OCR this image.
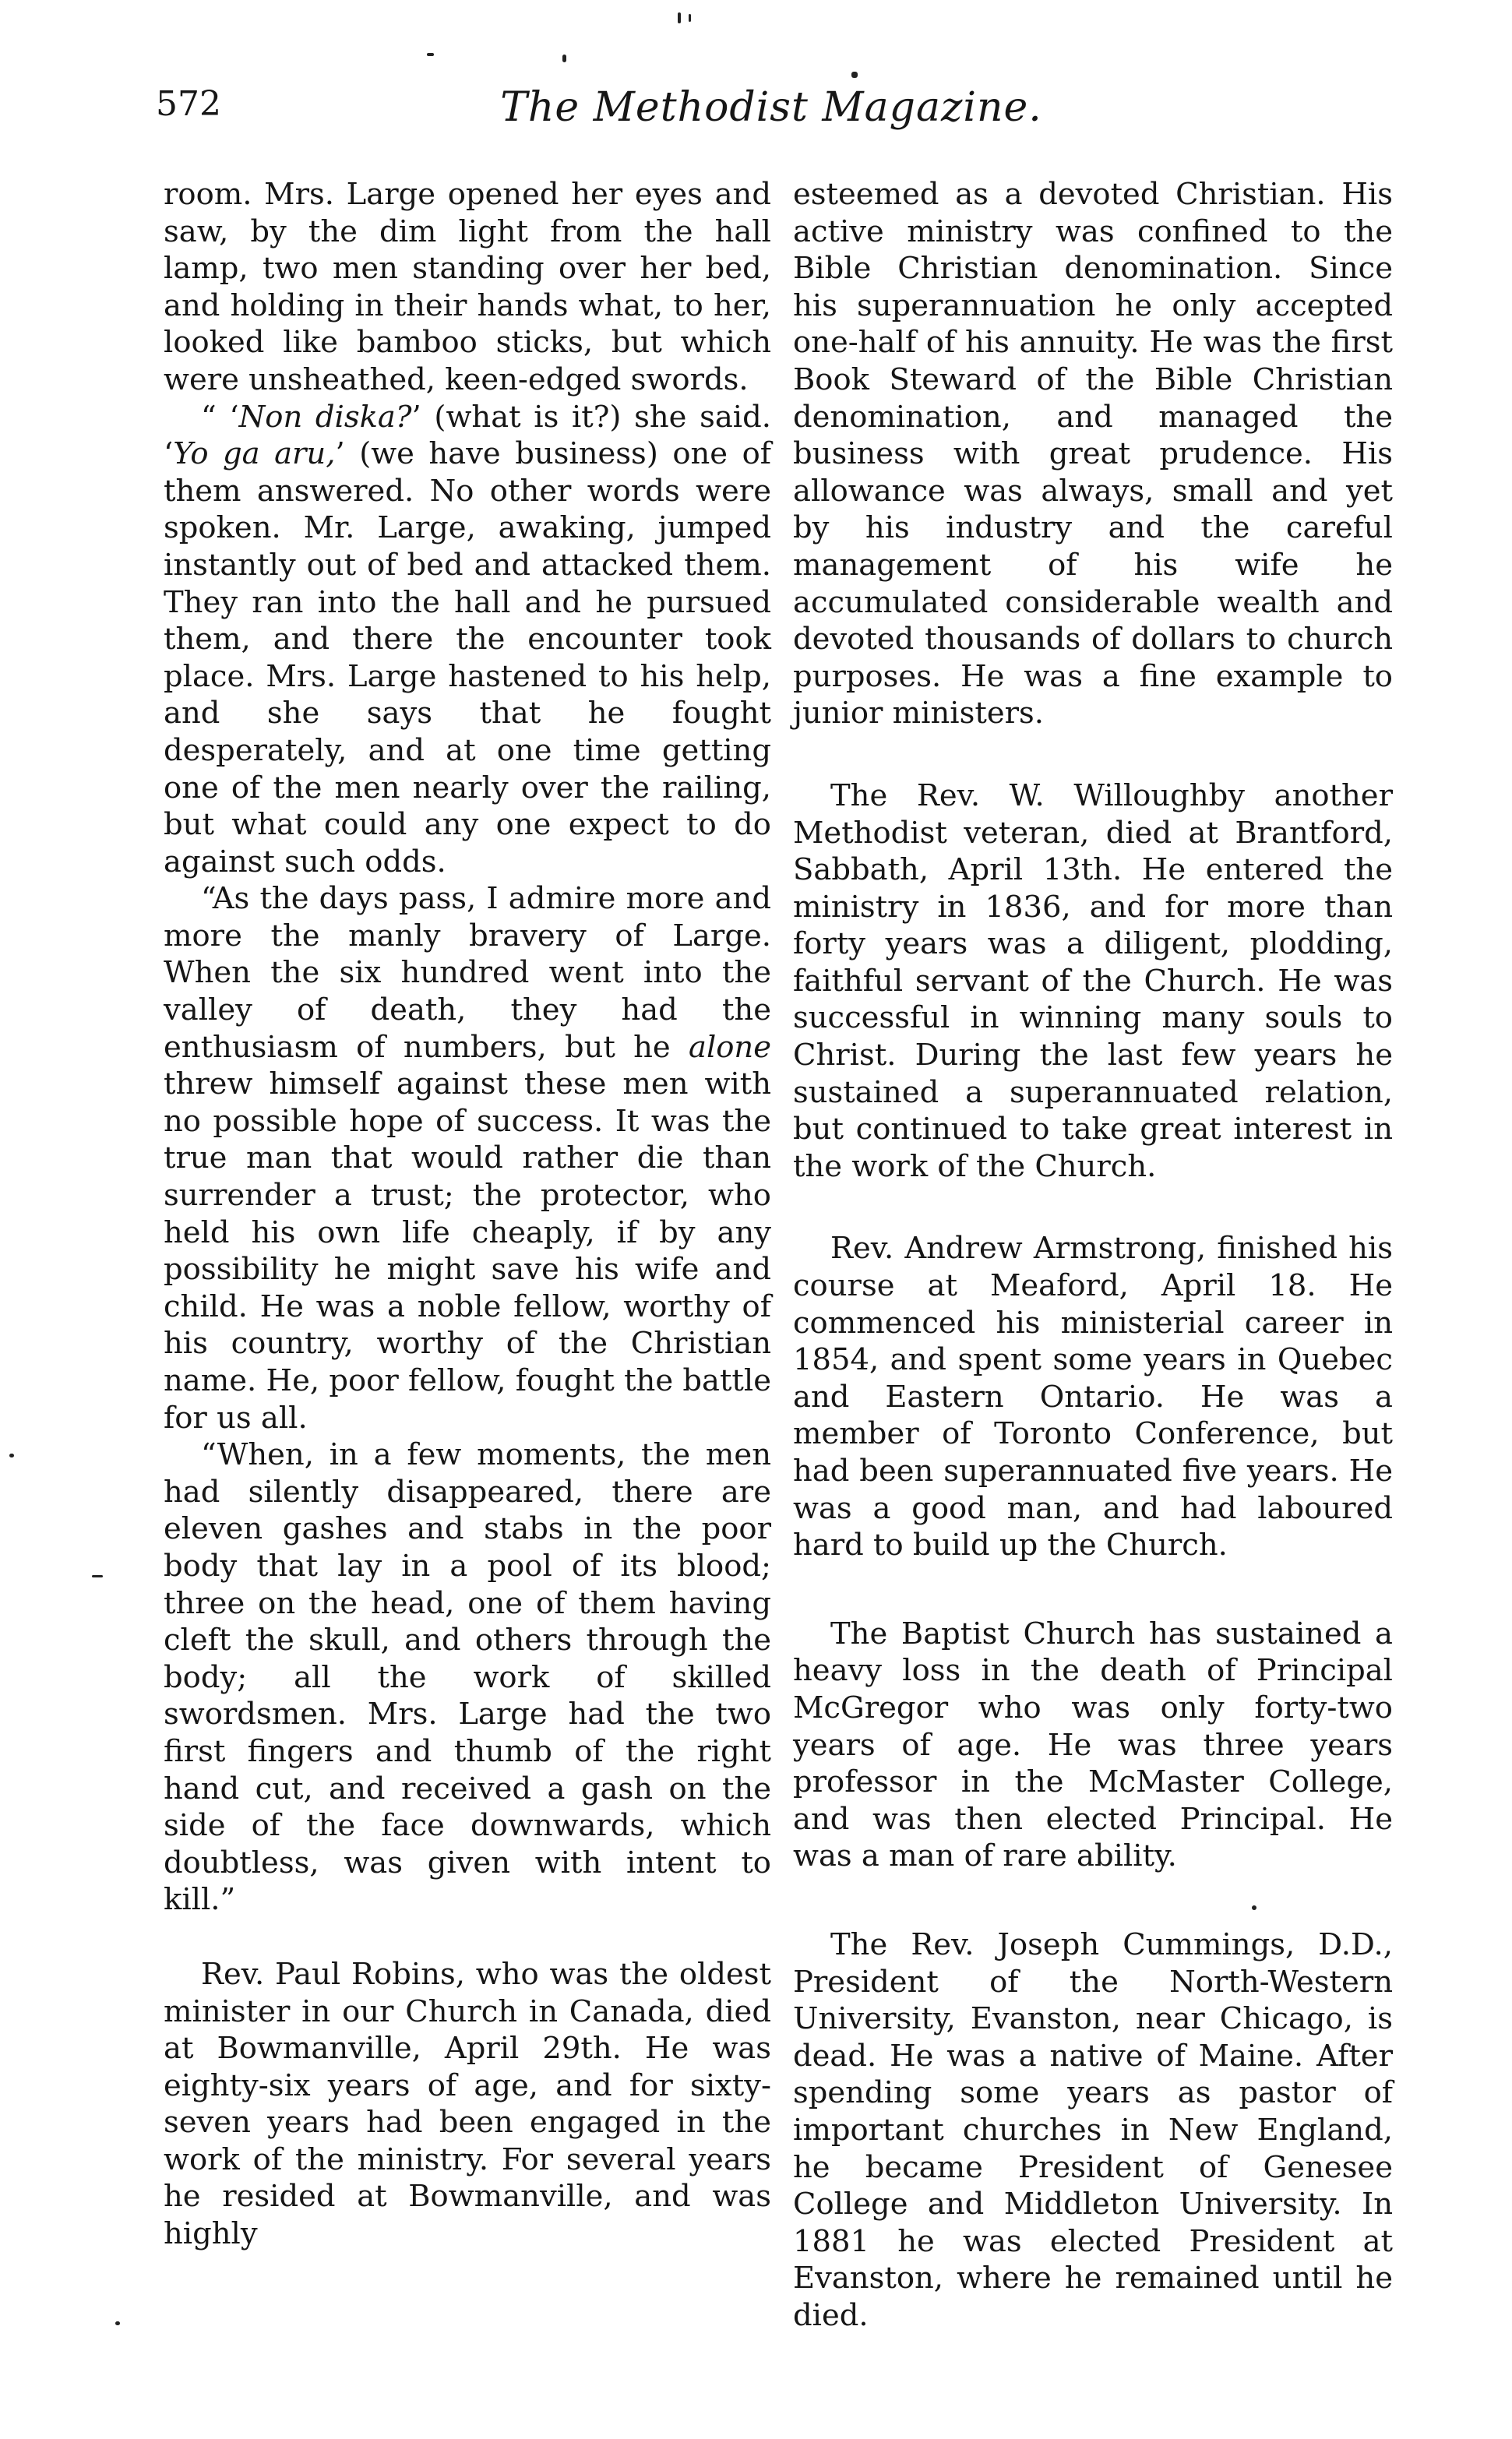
572	The Methodist Magazine.

room. Mrs. Large opened her eyes and saw, by the dim light from the hall lamp, two men standing over her bed, and holding in their hands what, to her, looked like bamboo sticks, but which were unsheathed, keen-edged swords.

“ ‘Non diska?’ (what is it?) she said. ‘Yo ga aru,’ (we have business) one of them answered. No other words were spoken. Mr. Large, awaking, jumped instantly out of bed and attacked them. They ran into the hall and he pursued them, and there the encounter took place. Mrs. Large hastened to his help, and she says that he fought desperately, and at one time getting one of the men nearly over the railing, but what could any one expect to do against such odds.

“As the days pass, I admire more and more the manly bravery of Large. When the six hundred went into the valley of death, they had the enthusiasm of numbers, but he alone threw himself against these men with no possible hope of success. It was the true man that would rather die than surrender a trust; the protector, who held his own life cheaply, if by any possibility he might save his wife and child. He was a noble fellow, worthy of his country, worthy of the Christian name. He, poor fellow, fought the battle for us all.

“When, in a few moments, the men had silently disappeared, there are eleven gashes and stabs in the poor body that lay in a pool of its blood; three on the head, one of them having cleft the skull, and others through the body; all the work of skilled swordsmen. Mrs. Large had the two first fingers and thumb of the right hand cut, and received a gash on the side of the face downwards, which doubtless, was given with intent to kill.”

Rev. Paul Robins, who was the oldest minister in our Church in Canada, died at Bowmanville, April 29th. He was eighty-six years of age, and for sixty-seven years had been engaged in the work of the ministry. For several years he resided at Bowmanville, and was highly

esteemed as a devoted Christian. His active ministry was confined to the Bible Christian denomination. Since his superannuation he only accepted one-half of his annuity. He was the first Book Steward of the Bible Christian denomination, and managed the business with great prudence. His allowance was always, small and yet by his industry and the careful management of his wife he accumulated considerable wealth and devoted thousands of dollars to church purposes. He was a fine example to junior ministers.

The Rev. W. Willoughby another Methodist veteran, died at Brantford, Sabbath, April 13th. He entered the ministry in 1836, and for more than forty years was a diligent, plodding, faithful servant of the Church. He was successful in winning many souls to Christ. During the last few years he sustained a superannuated relation, but continued to take great interest in the work of the Church.

Rev. Andrew Armstrong, finished his course at Meaford, April 18. He commenced his ministerial career in 1854, and spent some years in Quebec and Eastern Ontario. He was a member of Toronto Conference, but had been superannuated five years. He was a good man, and had laboured hard to build up the Church.

The Baptist Church has sustained a heavy loss in the death of Principal McGregor who was only forty-two years of age. He was three years professor in the McMaster College, and was then elected Principal. He was a man of rare ability.

The Rev. Joseph Cummings, D.D., President of the North-Western University, Evanston, near Chicago, is dead. He was a native of Maine. After spending some years as pastor of important churches in New England, he became President of Genesee College and Middleton University. In 1881 he was elected President at Evanston, where he remained until he died.
